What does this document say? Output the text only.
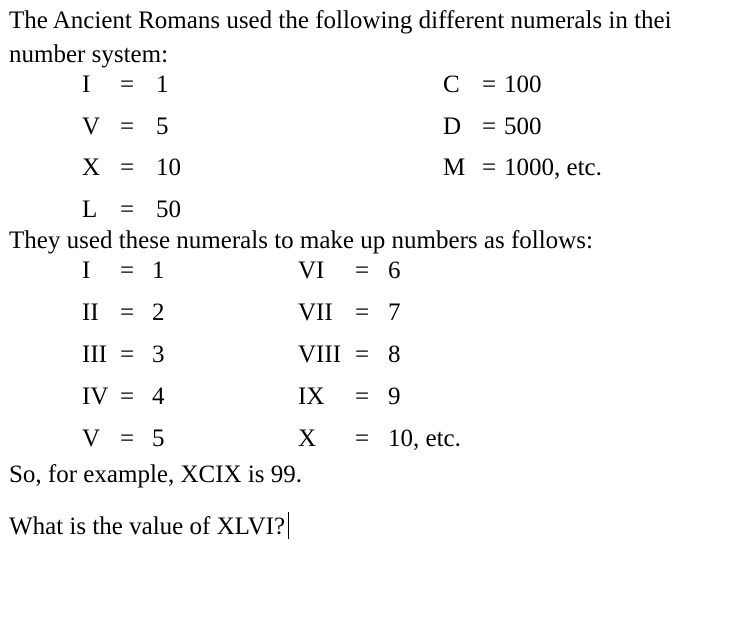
The Ancient Romans used the following different numerals in thei
number system:
I = 1
V = 5
X = 10
L = 50
C = 100
D = 500
M = 1000, etc.
They used these numerals to make up numbers as follows:
I = 1
II = 2
III = 3
IV = 4
V = 5
VI = 6
VII = 7
VIII = 8
IX = 9
X = 10, etc.
So, for example, XCIX is 99.
What is the value of XLVI?
